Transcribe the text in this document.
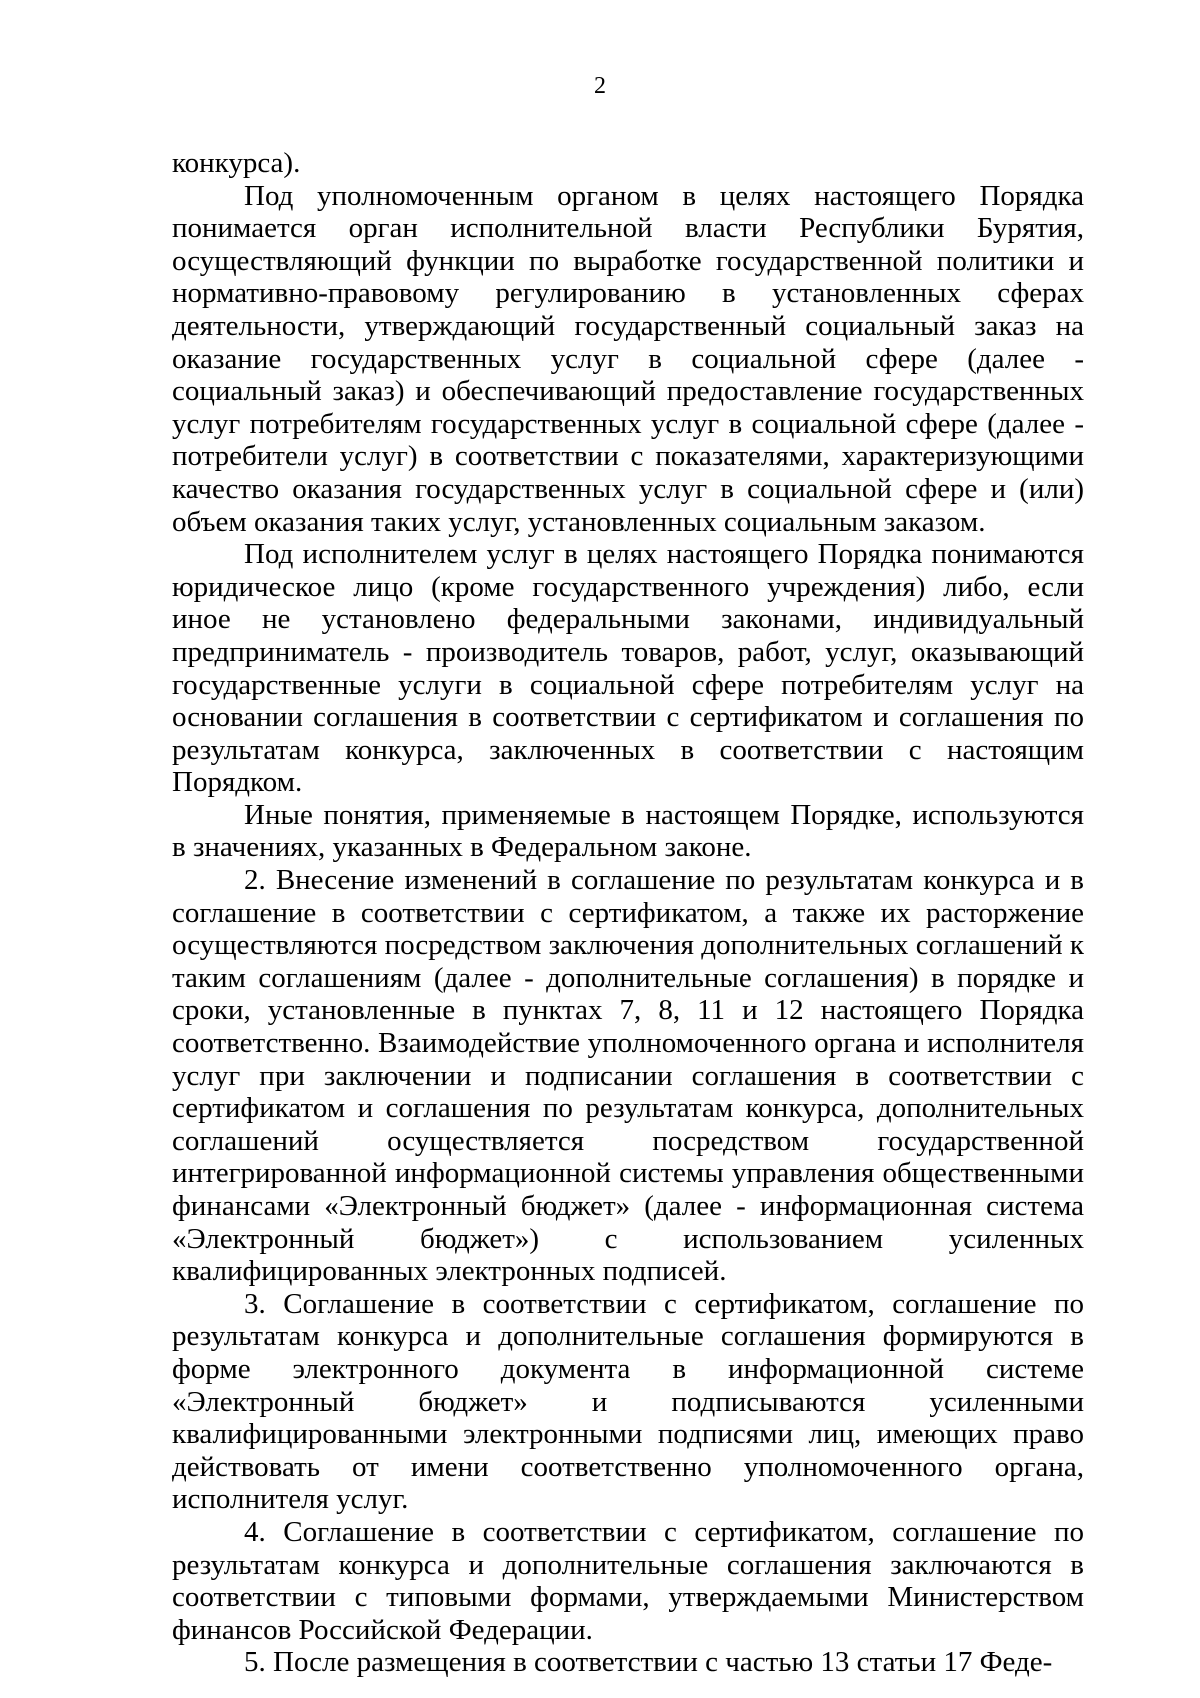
2

конкурса).

Под уполномоченным органом в целях настоящего Порядка понимается орган исполнительной власти Республики Бурятия, осуществляющий функции по выработке государственной политики и нормативно-правовому регулированию в установленных сферах деятельности, утверждающий государственный социальный заказ на оказание государственных услуг в социальной сфере (далее - социальный заказ) и обеспечивающий предоставление государственных услуг потребителям государственных услуг в социальной сфере (далее - потребители услуг) в соответствии с показателями, характеризующими качество оказания государственных услуг в социальной сфере и (или) объем оказания таких услуг, установленных социальным заказом.

Под исполнителем услуг в целях настоящего Порядка понимаются юридическое лицо (кроме государственного учреждения) либо, если иное не установлено федеральными законами, индивидуальный предприниматель - производитель товаров, работ, услуг, оказывающий государственные услуги в социальной сфере потребителям услуг на основании соглашения в соответствии с сертификатом и соглашения по результатам конкурса, заключенных в соответствии с настоящим Порядком.

Иные понятия, применяемые в настоящем Порядке, используются в значениях, указанных в Федеральном законе.

2. Внесение изменений в соглашение по результатам конкурса и в соглашение в соответствии с сертификатом, а также их расторжение осуществляются посредством заключения дополнительных соглашений к таким соглашениям (далее - дополнительные соглашения) в порядке и сроки, установленные в пунктах 7, 8, 11 и 12 настоящего Порядка соответственно. Взаимодействие уполномоченного органа и исполнителя услуг при заключении и подписании соглашения в соответствии с сертификатом и соглашения по результатам конкурса, дополнительных соглашений осуществляется посредством государственной интегрированной информационной системы управления общественными финансами «Электронный бюджет» (далее - информационная система «Электронный бюджет») с использованием усиленных квалифицированных электронных подписей.

3. Соглашение в соответствии с сертификатом, соглашение по результатам конкурса и дополнительные соглашения формируются в форме электронного документа в информационной системе «Электронный бюджет» и подписываются усиленными квалифицированными электронными подписями лиц, имеющих право действовать от имени соответственно уполномоченного органа, исполнителя услуг.

4. Соглашение в соответствии с сертификатом, соглашение по результатам конкурса и дополнительные соглашения заключаются в соответствии с типовыми формами, утверждаемыми Министерством финансов Российской Федерации.

5. После размещения в соответствии с частью 13 статьи 17 Феде-
